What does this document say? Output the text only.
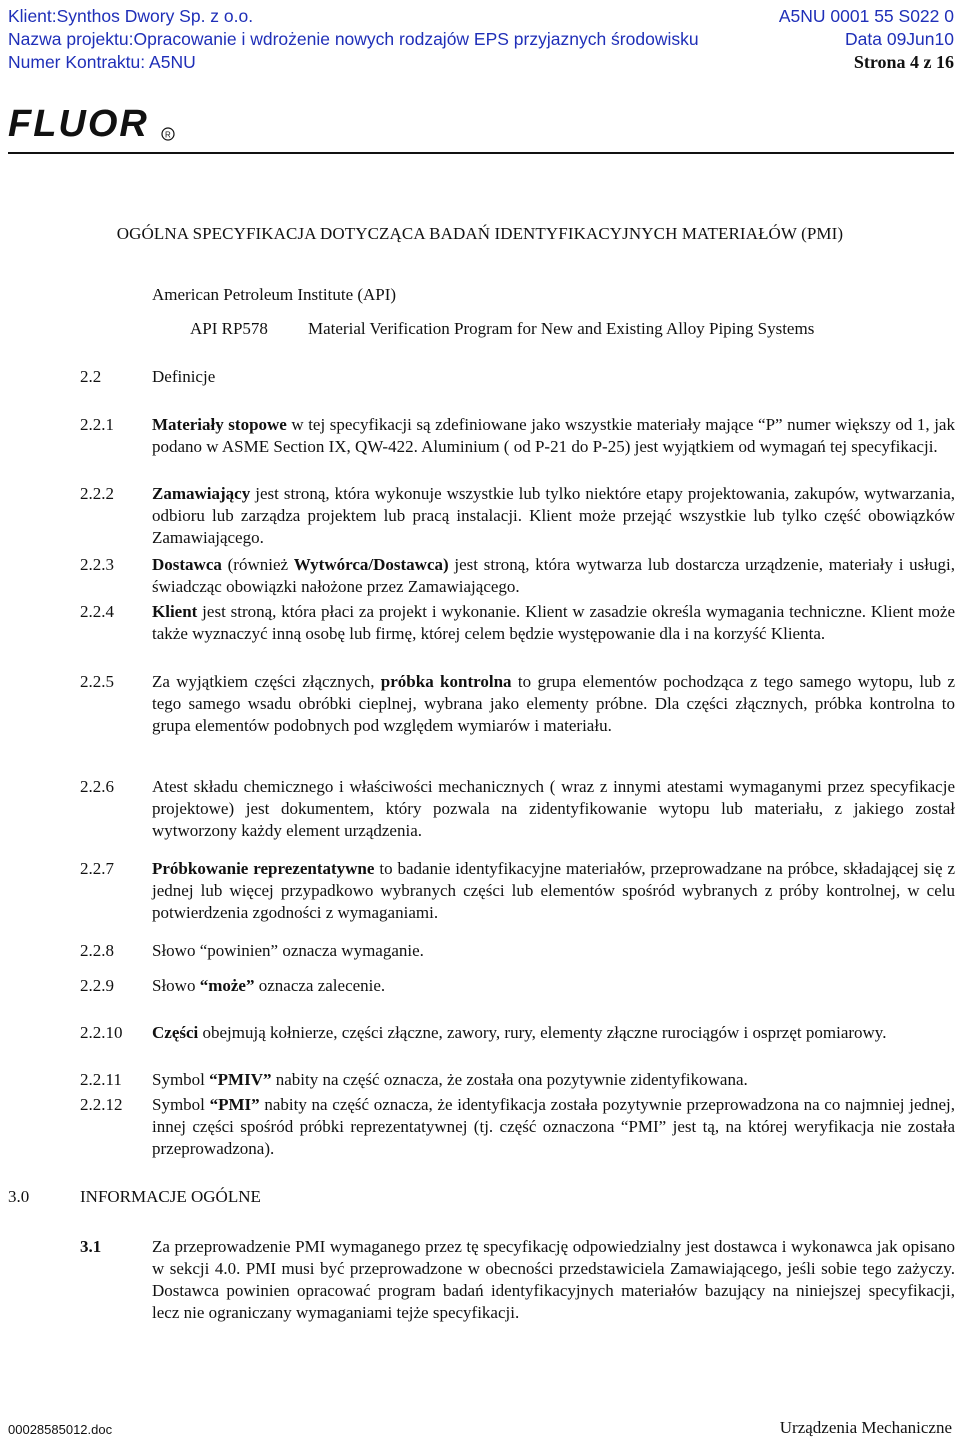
Klient:Synthos Dwory Sp. z o.o.	A5NU 0001 55 S022 0
Nazwa projektu:Opracowanie i wdrożenie nowych rodzajów EPS przyjaznych środowisku	Data 09Jun10
Numer Kontraktu: A5NU	Strona 4 z 16
FLUOR R
OGÓLNA SPECYFIKACJA DOTYCZĄCA BADAŃ IDENTYFIKACYJNYCH MATERIAŁÓW (PMI)
American Petroleum Institute (API)
API RP578 Material Verification Program for New and Existing Alloy Piping Systems
2.2	Definicje
2.2.1 Materiały stopowe w tej specyfikacji są zdefiniowane jako wszystkie materiały mające “P” numer większy od 1, jak podano w ASME Section IX, QW-422. Aluminium ( od P-21 do P-25) jest wyjątkiem od wymagań tej specyfikacji.
2.2.2 Zamawiający jest stroną, która wykonuje wszystkie lub tylko niektóre etapy projektowania, zakupów, wytwarzania, odbioru lub zarządza projektem lub pracą instalacji. Klient może przejąć wszystkie lub tylko część obowiązków Zamawiającego.
2.2.3 Dostawca (również Wytwórca/Dostawca) jest stroną, która wytwarza lub dostarcza urządzenie, materiały i usługi, świadcząc obowiązki nałożone przez Zamawiającego.
2.2.4 Klient jest stroną, która płaci za projekt i wykonanie. Klient w zasadzie określa wymagania techniczne. Klient może także wyznaczyć inną osobę lub firmę, której celem będzie występowanie dla i na korzyść Klienta.
2.2.5 Za wyjątkiem części złącznych, próbka kontrolna to grupa elementów pochodząca z tego samego wytopu, lub z tego samego wsadu obróbki cieplnej, wybrana jako elementy próbne. Dla części złącznych, próbka kontrolna to grupa elementów podobnych pod względem wymiarów i materiału.
2.2.6 Atest składu chemicznego i właściwości mechanicznych ( wraz z innymi atestami wymaganymi przez specyfikacje projektowe) jest dokumentem, który pozwala na zidentyfikowanie wytopu lub materiału, z jakiego został wytworzony każdy element urządzenia.
2.2.7 Próbkowanie reprezentatywne to badanie identyfikacyjne materiałów, przeprowadzane na próbce, składającej się z jednej lub więcej przypadkowo wybranych części lub elementów spośród wybranych z próby kontrolnej, w celu potwierdzenia zgodności z wymaganiami.
2.2.8 Słowo “powinien” oznacza wymaganie.
2.2.9 Słowo “może” oznacza zalecenie.
2.2.10 Części obejmują kołnierze, części złączne, zawory, rury, elementy złączne rurociągów i osprzęt pomiarowy.
2.2.11 Symbol “PMIV” nabity na część oznacza, że została ona pozytywnie zidentyfikowana.
2.2.12 Symbol “PMI” nabity na część oznacza, że identyfikacja została pozytywnie przeprowadzona na co najmniej jednej, innej części spośród próbki reprezentatywnej (tj. część oznaczona “PMI” jest tą, na której weryfikacja nie została przeprowadzona).
3.0	INFORMACJE OGÓLNE
3.1	Za przeprowadzenie PMI wymaganego przez tę specyfikację odpowiedzialny jest dostawca i wykonawca jak opisano w sekcji 4.0. PMI musi być przeprowadzone w obecności przedstawiciela Zamawiającego, jeśli sobie tego zażyczy. Dostawca powinien opracować program badań identyfikacyjnych materiałów bazujący na niniejszej specyfikacji, lecz nie ograniczany wymaganiami tejże specyfikacji.
00028585012.doc	Urządzenia Mechaniczne
